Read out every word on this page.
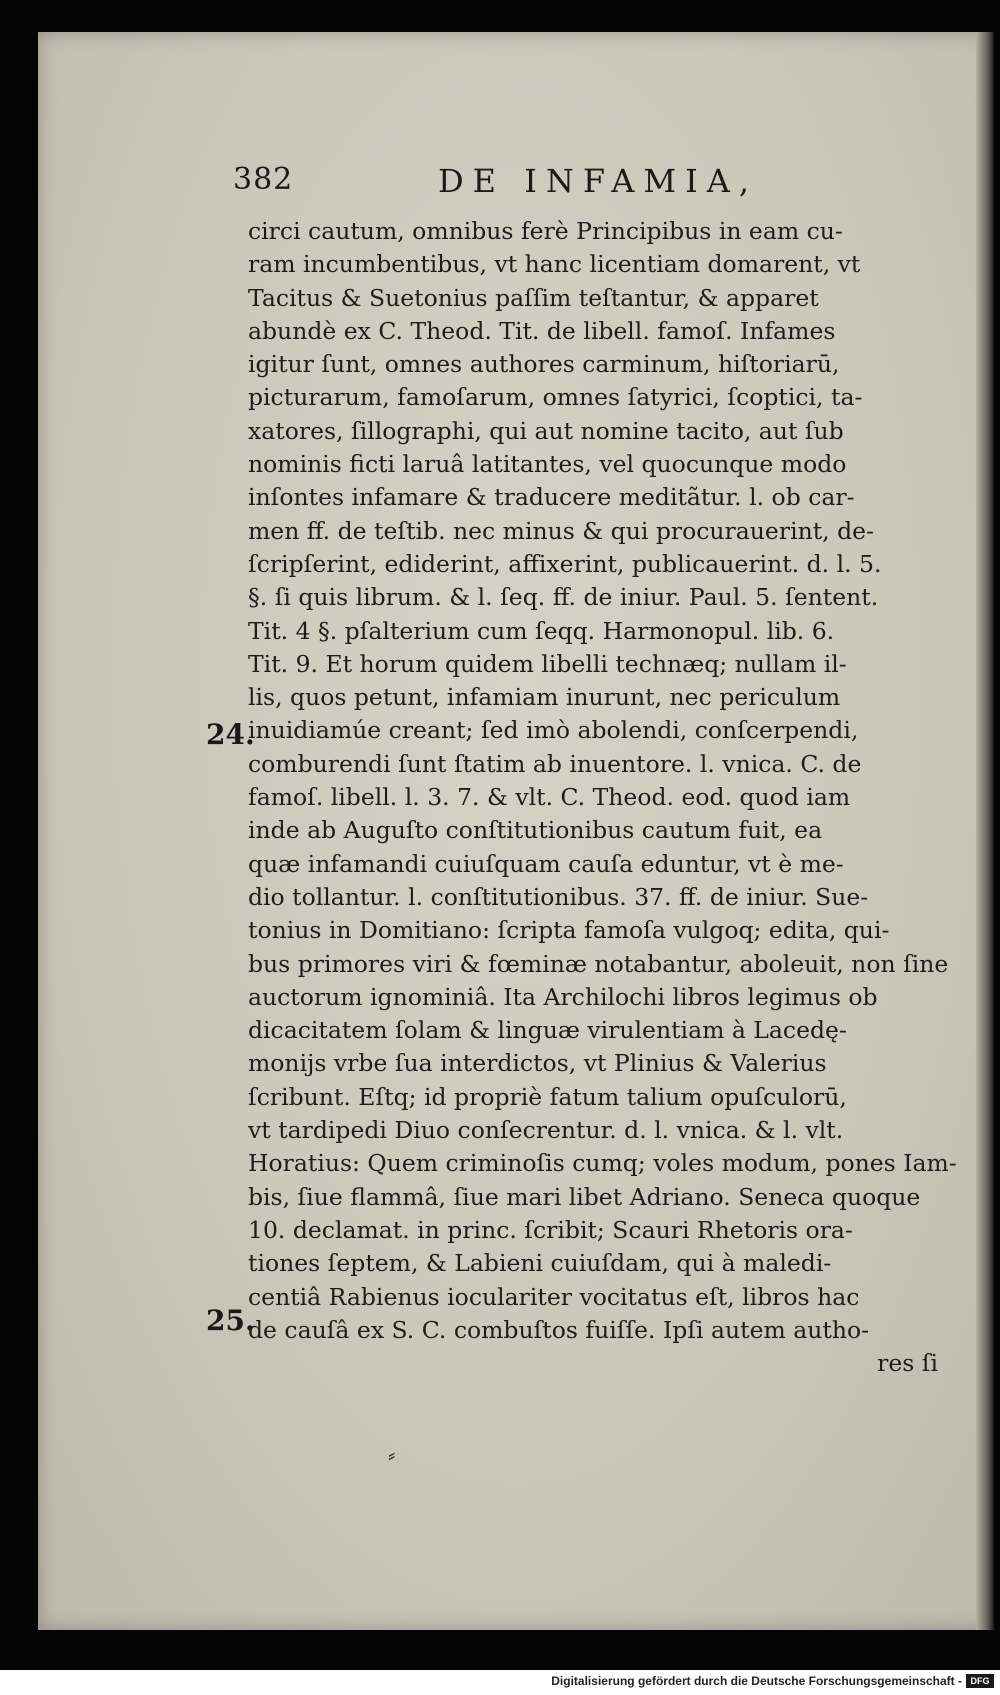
382	DE INFAMIA,
24.
25.
circi cautum, omnibus ferè Principibus in eam cu-
ram incumbentibus, vt hanc licentiam domarent, vt
Tacitus & Suetonius paſſim teſtantur, & apparet
abundè ex C. Theod. Tit. de libell. famoſ. Infames
igitur ſunt, omnes authores carminum, hiſtoriarū,
picturarum, famoſarum, omnes ſatyrici, ſcoptici, ta-
xatores, ſillographi, qui aut nomine tacito, aut ſub
nominis ficti laruâ latitantes, vel quocunque modo
inſontes infamare & traducere meditãtur. l. ob car-
men ff. de teſtib. nec minus & qui procurauerint, de-
ſcripſerint, ediderint, affixerint, publicauerint. d. l. 5.
§. ſi quis librum. & l. ſeq. ff. de iniur. Paul. 5. ſentent.
Tit. 4 §. pſalterium cum ſeqq. Harmonopul. lib. 6.
Tit. 9. Et horum quidem libelli technæq; nullam il-
lis, quos petunt, infamiam inurunt, nec periculum
inuidiamúe creant; ſed imò abolendi, conſcerpendi,
comburendi ſunt ſtatim ab inuentore. l. vnica. C. de
famoſ. libell. l. 3. 7. & vlt. C. Theod. eod. quod iam
inde ab Auguſto conſtitutionibus cautum fuit, ea
quæ infamandi cuiuſquam cauſa eduntur, vt è me-
dio tollantur. l. conſtitutionibus. 37. ff. de iniur. Sue-
tonius in Domitiano: ſcripta famoſa vulgoq; edita, qui-
bus primores viri & fœminæ notabantur, aboleuit, non ſine
auctorum ignominiâ. Ita Archilochi libros legimus ob
dicacitatem ſolam & linguæ virulentiam à Lacedę-
monijs vrbe ſua interdictos, vt Plinius & Valerius
ſcribunt. Eſtq; id propriè fatum talium opuſculorū,
vt tardipedi Diuo conſecrentur. d. l. vnica. & l. vlt.
Horatius: Quem criminoſis cumq; voles modum, pones Iam-
bis, ſiue flammâ, ſiue mari libet Adriano. Seneca quoque
10. declamat. in princ. ſcribit; Scauri Rhetoris ora-
tiones ſeptem, & Labieni cuiuſdam, qui à maledi-
centiâ Rabienus ioculariter vocitatus eſt, libros hac
de cauſâ ex S. C. combuſtos fuiſſe. Ipſi autem autho-
res ſi
⸗
Digitalisierung gefördert durch die Deutsche Forschungsgemeinschaft - DFG
